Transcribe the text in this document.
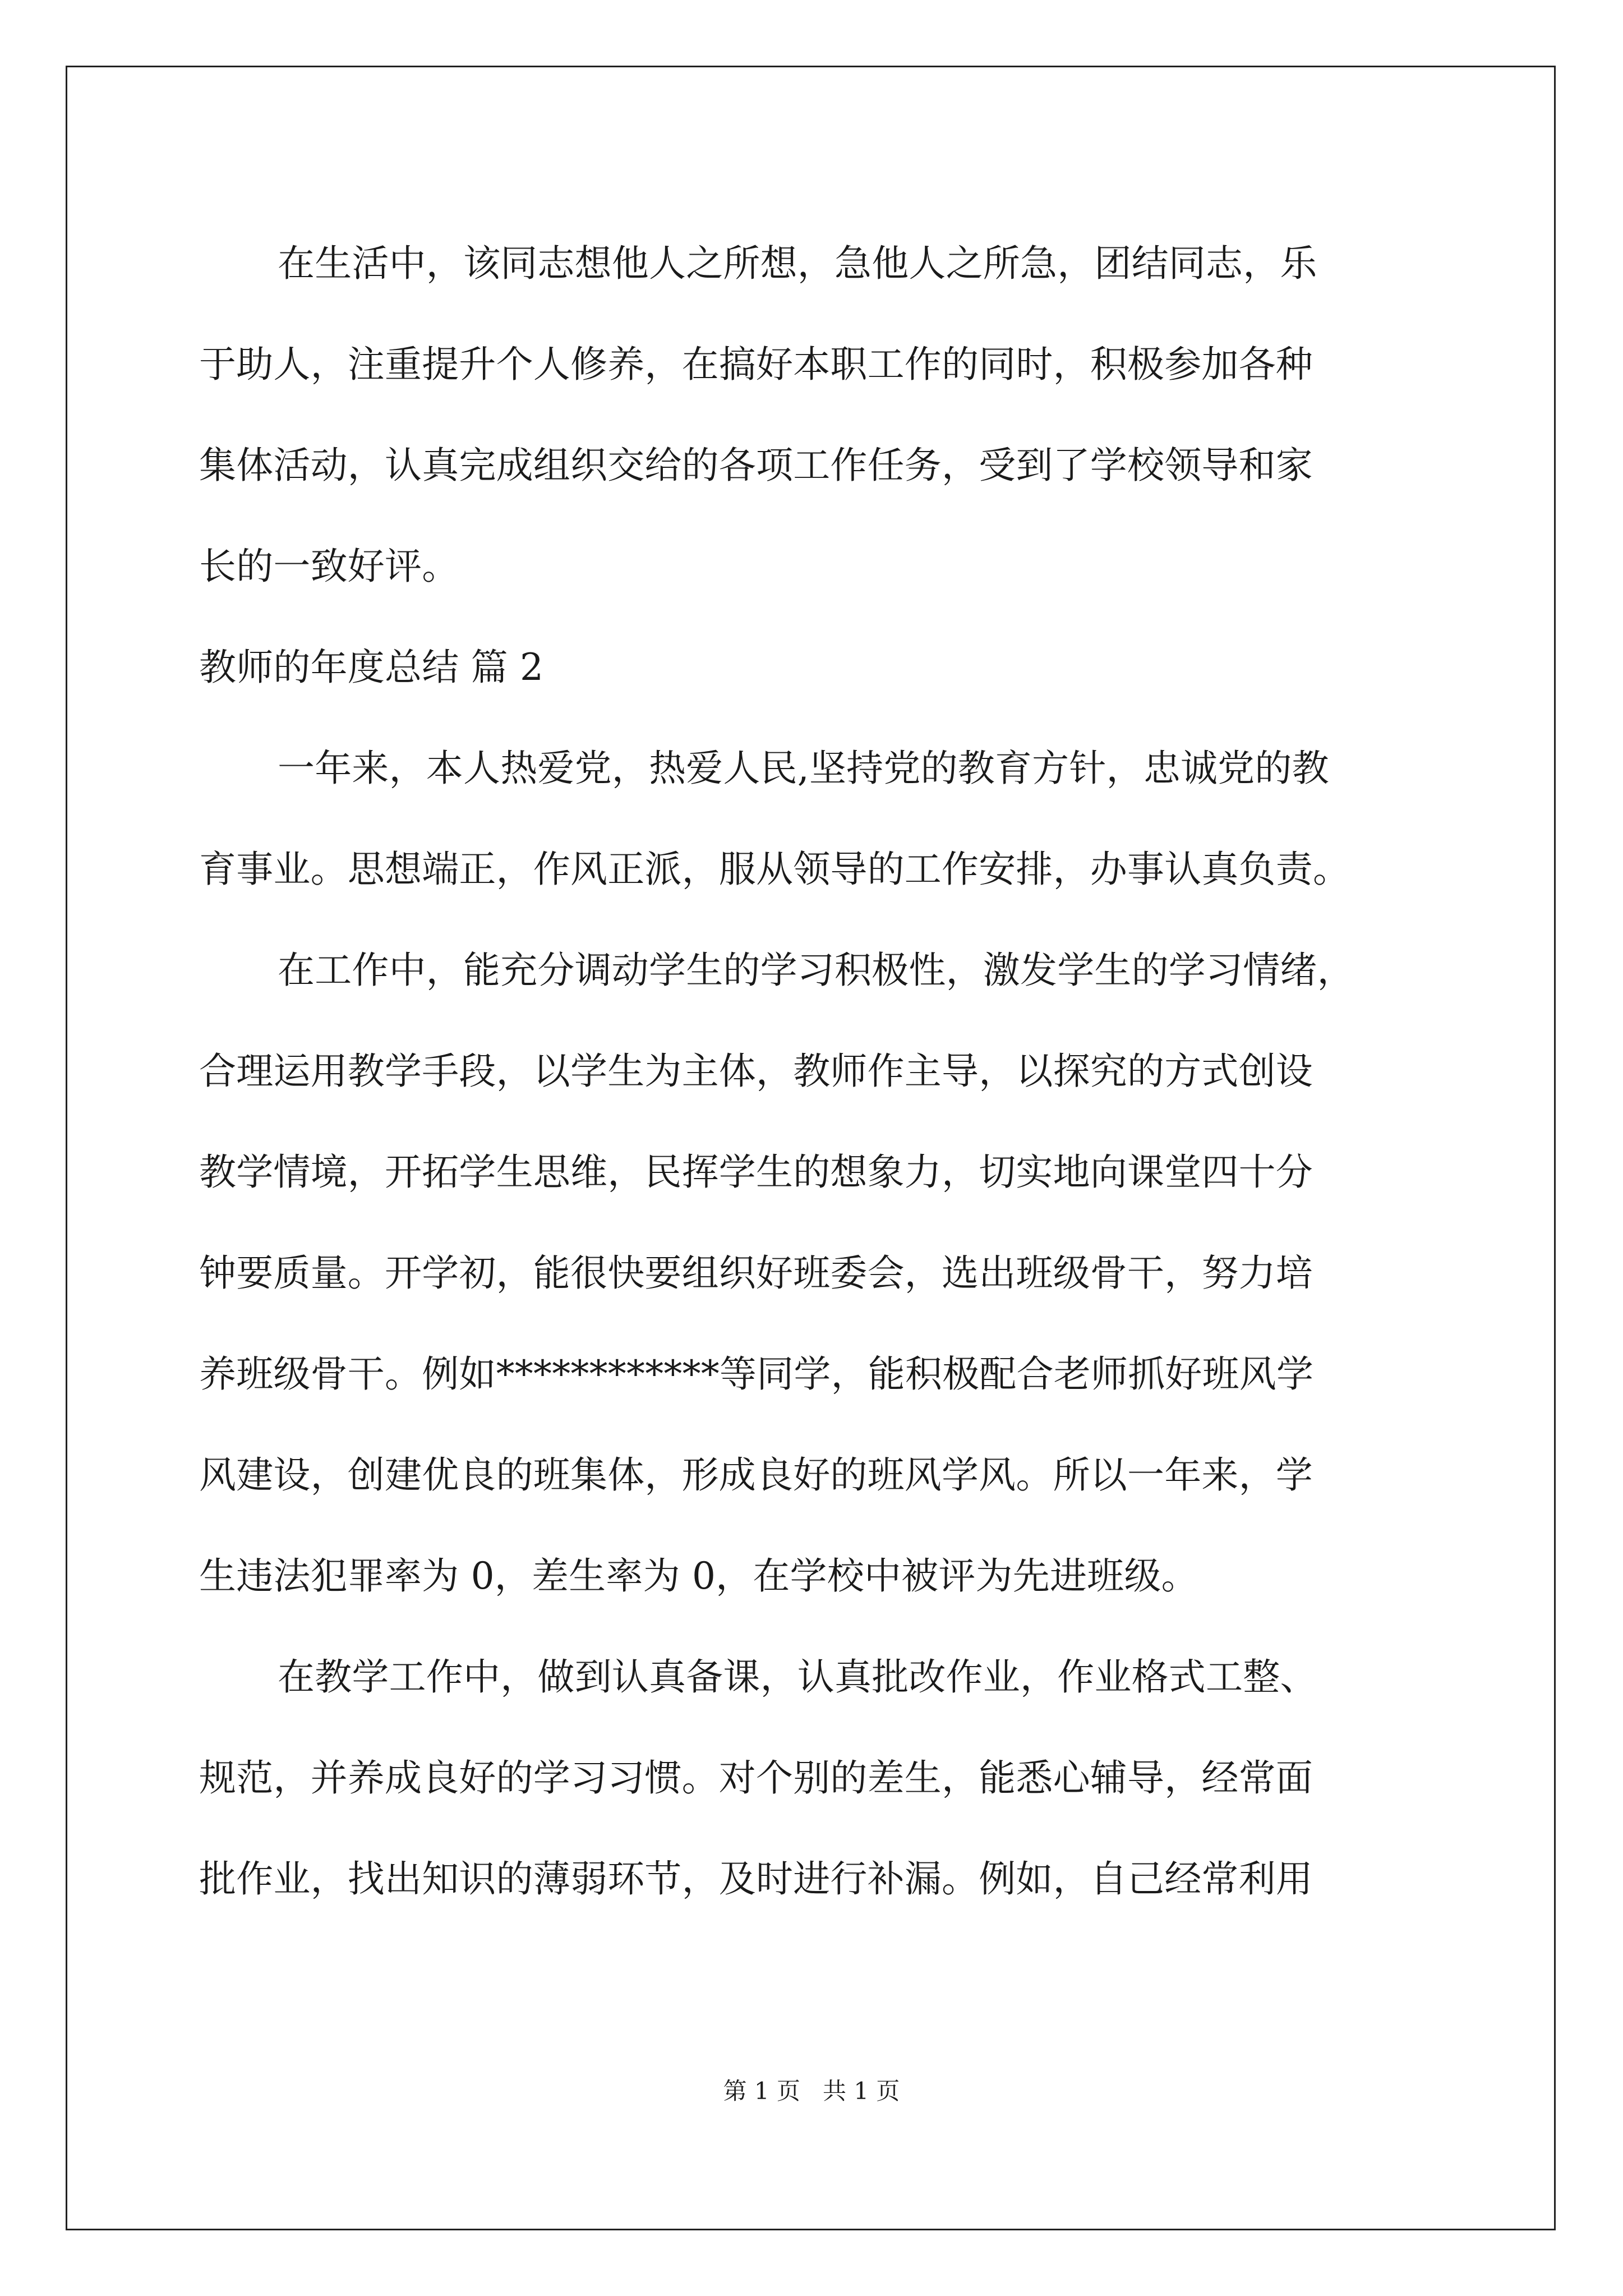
在生活中，该同志想他人之所想，急他人之所急，团结同志，乐
于助人，注重提升个人修养，在搞好本职工作的同时，积极参加各种
集体活动，认真完成组织交给的各项工作任务，受到了学校领导和家
长的一致好评。
教师的年度总结 篇 2
一年来，本人热爱党，热爱人民,坚持党的教育方针，忠诚党的教
育事业。思想端正，作风正派，服从领导的工作安排，办事认真负责。
在工作中，能充分调动学生的学习积极性，激发学生的学习情绪，
合理运用教学手段，以学生为主体，教师作主导，以探究的方式创设
教学情境，开拓学生思维，民挥学生的想象力，切实地向课堂四十分
钟要质量。开学初，能很快要组织好班委会，选出班级骨干，努力培
养班级骨干。例如************等同学，能积极配合老师抓好班风学
风建设，创建优良的班集体，形成良好的班风学风。所以一年来，学
生违法犯罪率为 0，差生率为 0，在学校中被评为先进班级。
在教学工作中，做到认真备课，认真批改作业，作业格式工整、
规范，并养成良好的学习习惯。对个别的差生，能悉心辅导，经常面
批作业，找出知识的薄弱环节，及时进行补漏。例如，自己经常利用
第 1 页 共 1 页
